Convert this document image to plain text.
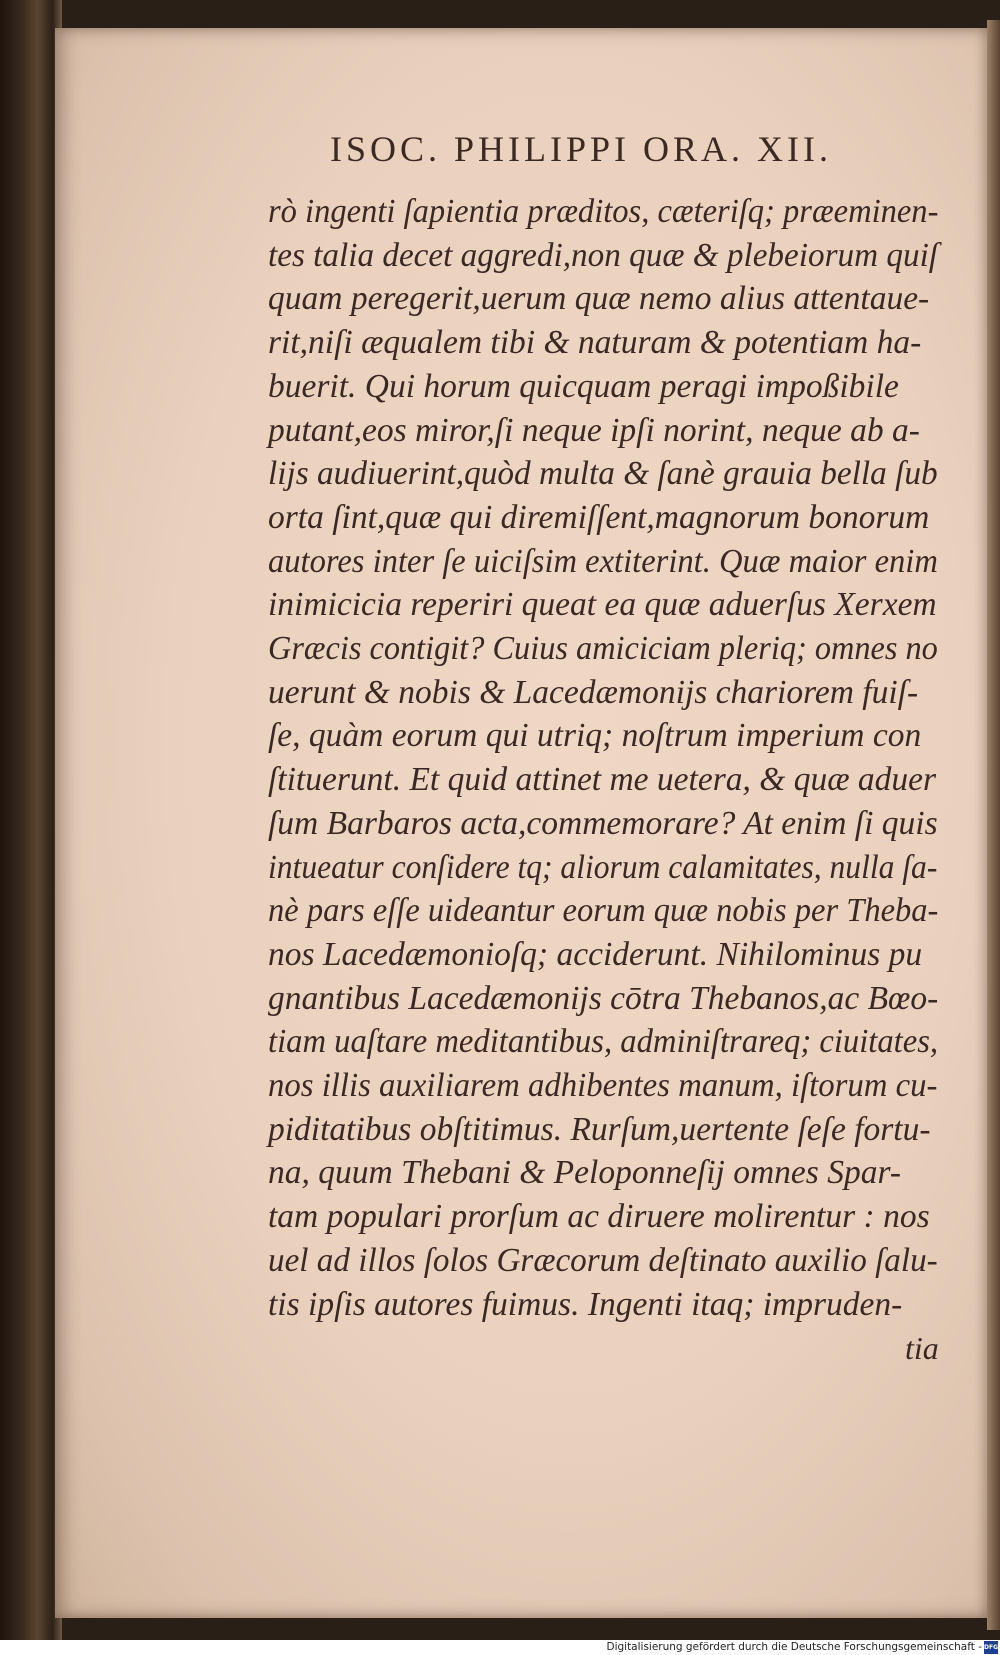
ISOC. PHILIPPI ORA. XII.
rò ingenti ſapientia præditos, cæteriſq; præeminen-
tes talia decet aggredi,non quæ & plebeiorum quiſ
quam peregerit,uerum quæ nemo alius attentaue-
rit,niſi æqualem tibi & naturam & potentiam ha-
buerit. Qui horum quicquam peragi impoßibile
putant,eos miror,ſi neque ipſi norint, neque ab a-
lijs audiuerint,quòd multa & ſanè grauia bella ſub
orta ſint,quæ qui diremiſſent,magnorum bonorum
autores inter ſe uiciſsim extiterint. Quæ maior enim
inimicicia reperiri queat ea quæ aduerſus Xerxem
Græcis contigit? Cuius amiciciam pleriq; omnes no
uerunt & nobis & Lacedæmonijs chariorem fuiſ-
ſe, quàm eorum qui utriq; noſtrum imperium con
ſtituerunt. Et quid attinet me uetera, & quæ aduer
ſum Barbaros acta,commemorare? At enim ſi quis
intueatur conſidere tq; aliorum calamitates, nulla ſa-
nè pars eſſe uideantur eorum quæ nobis per Theba-
nos Lacedæmonioſq; acciderunt. Nihilominus pu
gnantibus Lacedæmonijs cōtra Thebanos,ac Bœo-
tiam uaſtare meditantibus, adminiſtrareq; ciuitates,
nos illis auxiliarem adhibentes manum, iſtorum cu-
piditatibus obſtitimus. Rurſum,uertente ſeſe fortu-
na, quum Thebani & Peloponneſij omnes Spar-
tam populari prorſum ac diruere molirentur : nos
uel ad illos ſolos Græcorum deſtinato auxilio ſalu-
tis ipſis autores fuimus. Ingenti itaq; impruden-
tia
Digitalisierung gefördert durch die Deutsche Forschungsgemeinschaft - DFG
